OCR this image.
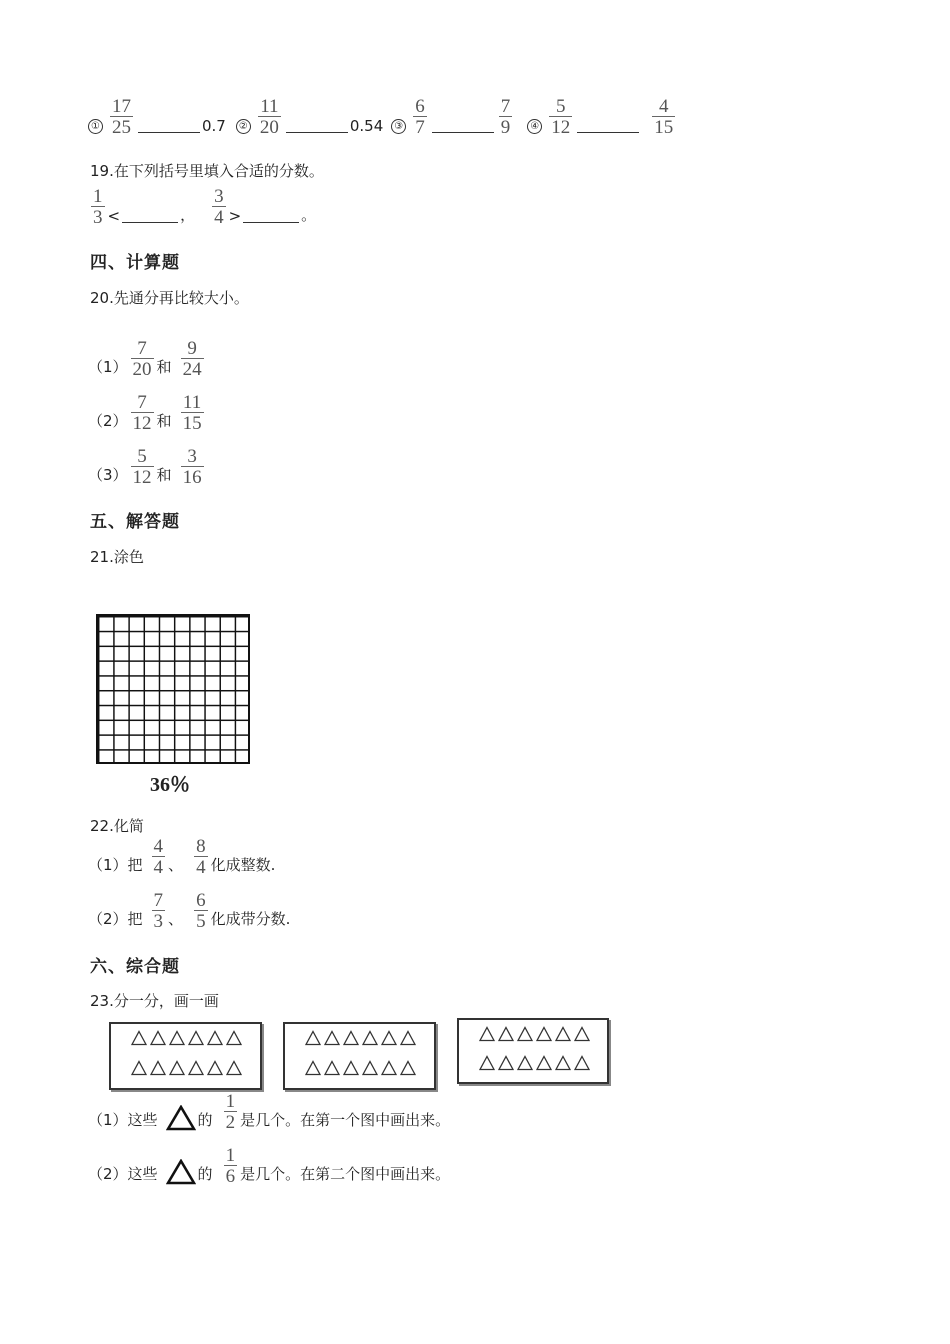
① $\frac{17}{25}$	0.7	② $\frac{11}{20}$	0.54	③ $\frac{6}{7}$	$\frac{7}{9}$	④ $\frac{5}{12}$	$\frac{4}{15}$
19.在下列括号里填入合适的分数。
$\frac{1}{3}$ <	， $\frac{3}{4}$ >	。
四、计算题
20.先通分再比较大小。
$(1) \frac{7}{20}$ 和 $\frac{9}{24}$
$(2) \frac{7}{12}$ 和 $\frac{11}{15}$
$(3) \frac{5}{12}$ 和 $\frac{3}{16}$
五、解答题
21.涂色
36％
22.化简
（1）把 $\frac{4}{4}$ 、 $\frac{8}{4}$ 化成整数.
（2）把 $\frac{7}{3}$ 、 $\frac{6}{5}$ 化成带分数.
六、综合题
23.分一分，画一画
（1）这些	的 $\frac{1}{2}$ 是几个。在第一个图中画出来。
（2）这些	的 $\frac{1}{6}$ 是几个。在第二个图中画出来。
